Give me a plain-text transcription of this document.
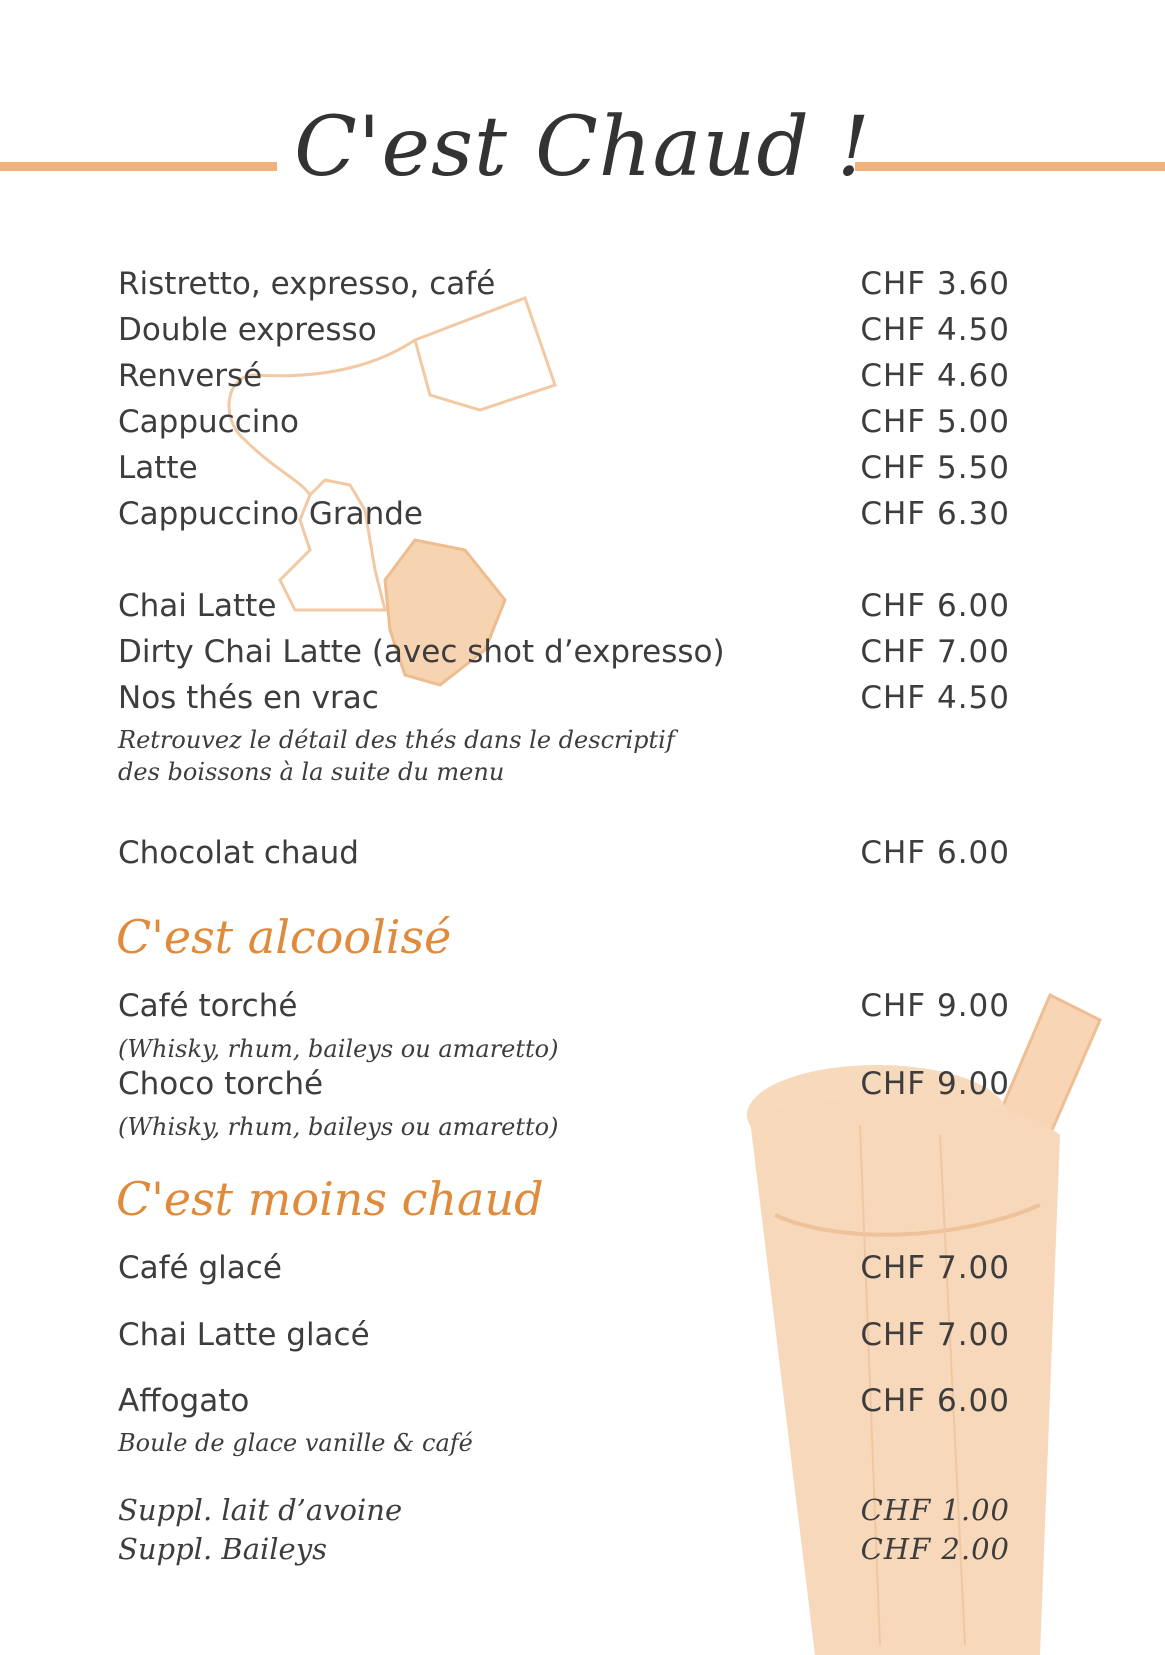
C'est Chaud !
Ristretto, expresso, café	CHF 3.60
Double expresso	CHF 4.50
Renversé	CHF 4.60
Cappuccino	CHF 5.00
Latte	CHF 5.50
Cappuccino Grande	CHF 6.30
Chai Latte	CHF 6.00
Dirty Chai Latte (avec shot d’expresso)	CHF 7.00
Nos thés en vrac	CHF 4.50
Retrouvez le détail des thés dans le descriptif
des boissons à la suite du menu
Chocolat chaud	CHF 6.00
C'est alcoolisé
Café torché	CHF 9.00
(Whisky, rhum, baileys ou amaretto)
Choco torché	CHF 9.00
(Whisky, rhum, baileys ou amaretto)
C'est moins chaud
Café glacé	CHF 7.00
Chai Latte glacé	CHF 7.00
Affogato	CHF 6.00
Boule de glace vanille & café
Suppl. lait d’avoine	CHF 1.00
Suppl. Baileys	CHF 2.00
